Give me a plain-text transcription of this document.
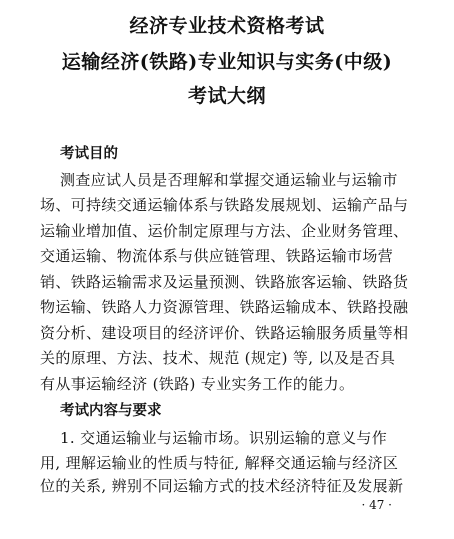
经济专业技术资格考试
运输经济(铁路)专业知识与实务(中级)
考试大纲
考试目的
测查应试人员是否理解和掌握交通运输业与运输市
场、可持续交通运输体系与铁路发展规划、运输产品与
运输业增加值、运价制定原理与方法、企业财务管理、
交通运输、物流体系与供应链管理、铁路运输市场营
销、铁路运输需求及运量预测、铁路旅客运输、铁路货
物运输、铁路人力资源管理、铁路运输成本、铁路投融
资分析、建设项目的经济评价、铁路运输服务质量等相
关的原理、方法、技术、规范 (规定) 等, 以及是否具
有从事运输经济 (铁路) 专业实务工作的能力。
考试内容与要求
1. 交通运输业与运输市场。识别运输的意义与作
用, 理解运输业的性质与特征, 解释交通运输与经济区
位的关系, 辨别不同运输方式的技术经济特征及发展新
· 47 ·
